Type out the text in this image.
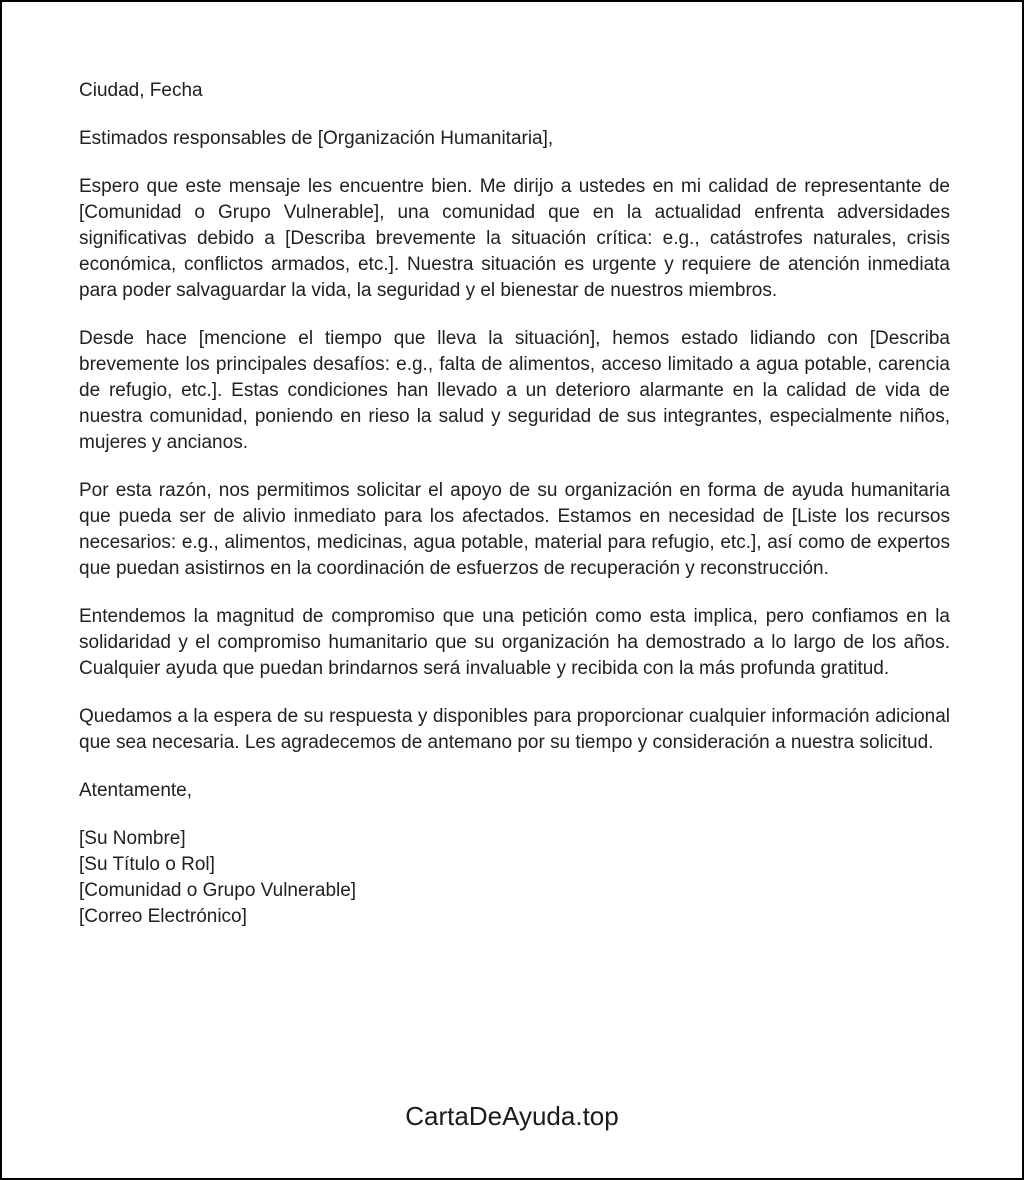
Ciudad, Fecha
Estimados responsables de [Organización Humanitaria],

Espero que este mensaje les encuentre bien. Me dirijo a ustedes en mi calidad de representante de [Comunidad o Grupo Vulnerable], una comunidad que en la actualidad enfrenta adversidades significativas debido a [Describa brevemente la situación crítica: e.g., catástrofes naturales, crisis económica, conflictos armados, etc.]. Nuestra situación es urgente y requiere de atención inmediata para poder salvaguardar la vida, la seguridad y el bienestar de nuestros miembros.

Desde hace [mencione el tiempo que lleva la situación], hemos estado lidiando con [Describa brevemente los principales desafíos: e.g., falta de alimentos, acceso limitado a agua potable, carencia de refugio, etc.]. Estas condiciones han llevado a un deterioro alarmante en la calidad de vida de nuestra comunidad, poniendo en rieso la salud y seguridad de sus integrantes, especialmente niños, mujeres y ancianos.

Por esta razón, nos permitimos solicitar el apoyo de su organización en forma de ayuda humanitaria que pueda ser de alivio inmediato para los afectados. Estamos en necesidad de [Liste los recursos necesarios: e.g., alimentos, medicinas, agua potable, material para refugio, etc.], así como de expertos que puedan asistirnos en la coordinación de esfuerzos de recuperación y reconstrucción.

Entendemos la magnitud de compromiso que una petición como esta implica, pero confiamos en la solidaridad y el compromiso humanitario que su organización ha demostrado a lo largo de los años. Cualquier ayuda que puedan brindarnos será invaluable y recibida con la más profunda gratitud.

Quedamos a la espera de su respuesta y disponibles para proporcionar cualquier información adicional que sea necesaria. Les agradecemos de antemano por su tiempo y consideración a nuestra solicitud.

Atentamente,
[Su Nombre]
[Su Título o Rol]
[Comunidad o Grupo Vulnerable]
[Correo Electrónico]
CartaDeAyuda.top
